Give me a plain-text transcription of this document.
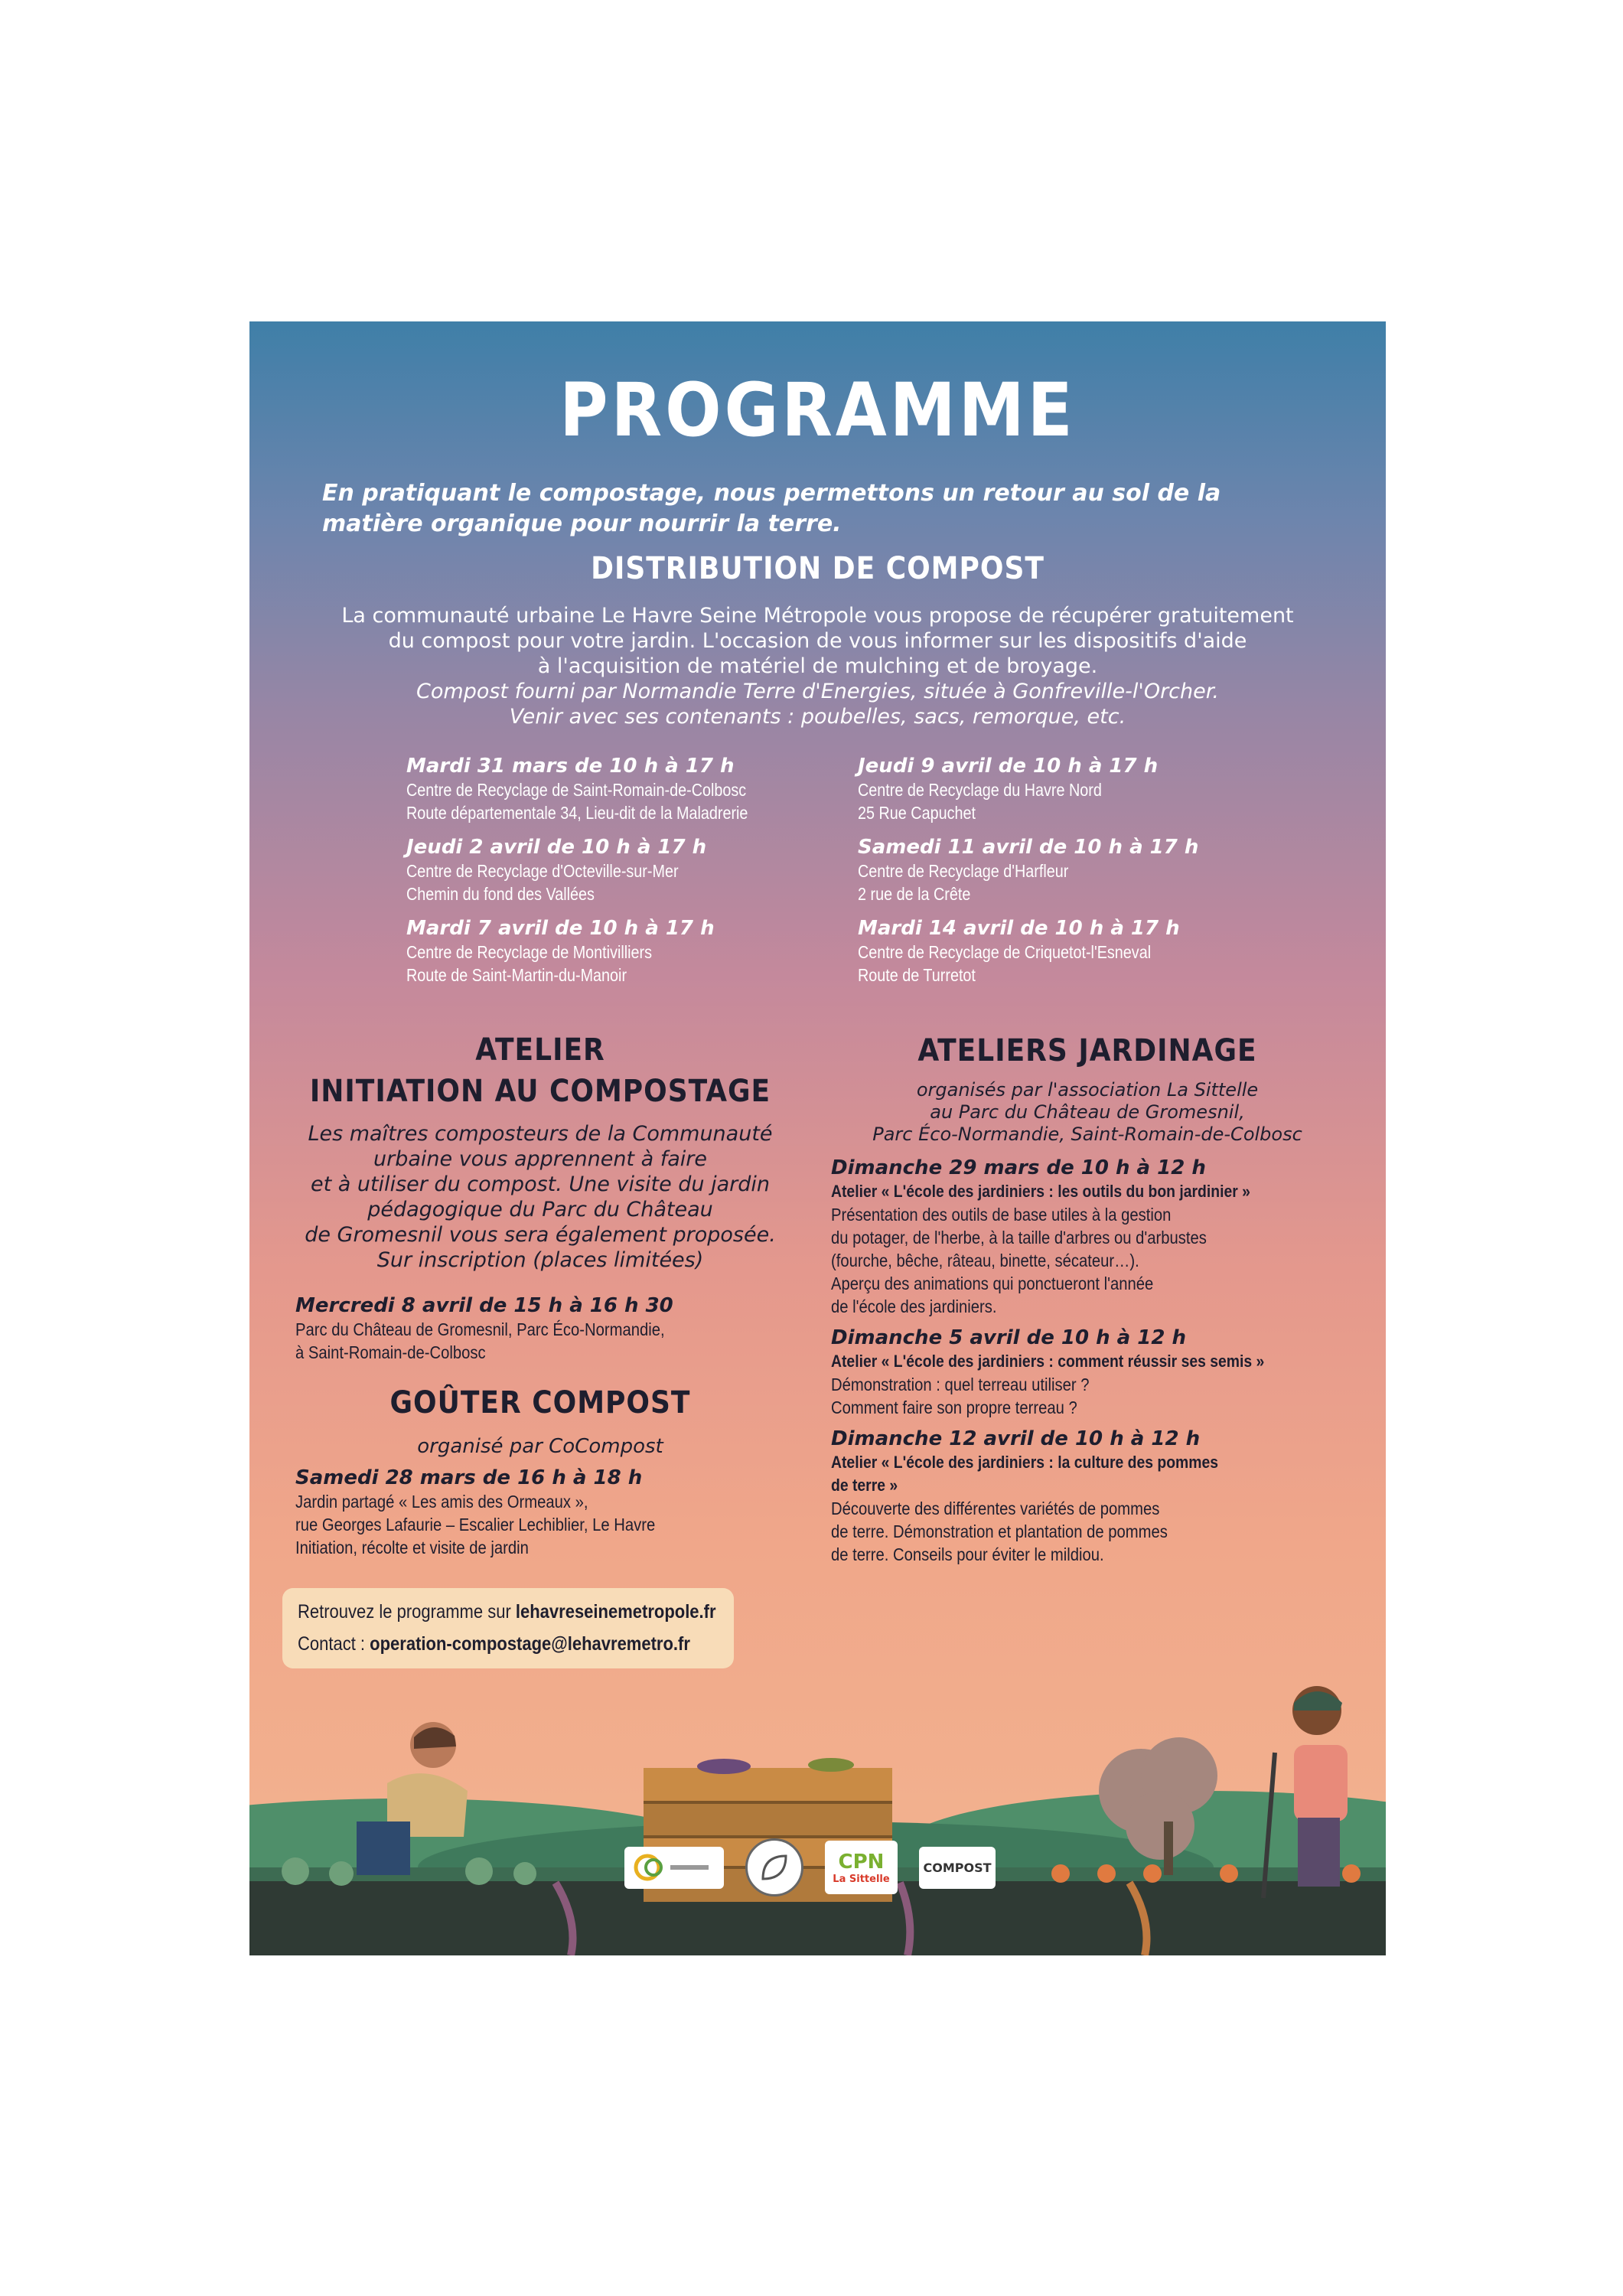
PROGRAMME
En pratiquant le compostage, nous permettons un retour au sol de la matière organique pour nourrir la terre.
DISTRIBUTION DE COMPOST
La communauté urbaine Le Havre Seine Métropole vous propose de récupérer gratuitement
du compost pour votre jardin. L'occasion de vous informer sur les dispositifs d'aide
à l'acquisition de matériel de mulching et de broyage.
Compost fourni par Normandie Terre d'Energies, située à Gonfreville-l'Orcher.
Venir avec ses contenants : poubelles, sacs, remorque, etc.
Mardi 31 mars de 10 h à 17 h
Centre de Recyclage de Saint-Romain-de-Colbosc
Route départementale 34, Lieu-dit de la Maladrerie
Jeudi 2 avril de 10 h à 17 h
Centre de Recyclage d'Octeville-sur-Mer
Chemin du fond des Vallées
Mardi 7 avril de 10 h à 17 h
Centre de Recyclage de Montivilliers
Route de Saint-Martin-du-Manoir
Jeudi 9 avril de 10 h à 17 h
Centre de Recyclage du Havre Nord
25 Rue Capuchet
Samedi 11 avril de 10 h à 17 h
Centre de Recyclage d'Harfleur
2 rue de la Crête
Mardi 14 avril de 10 h à 17 h
Centre de Recyclage de Criquetot-l'Esneval
Route de Turretot
ATELIER
INITIATION AU COMPOSTAGE
Les maîtres composteurs de la Communauté
urbaine vous apprennent à faire
et à utiliser du compost. Une visite du jardin
pédagogique du Parc du Château
de Gromesnil vous sera également proposée.
Sur inscription (places limitées)
Mercredi 8 avril de 15 h à 16 h 30
Parc du Château de Gromesnil, Parc Éco-Normandie,
à Saint-Romain-de-Colbosc
GOÛTER COMPOST
organisé par CoCompost
Samedi 28 mars de 16 h à 18 h
Jardin partagé « Les amis des Ormeaux »,
rue Georges Lafaurie – Escalier Lechiblier, Le Havre
Initiation, récolte et visite de jardin
ATELIERS JARDINAGE
organisés par l'association La Sittelle
au Parc du Château de Gromesnil,
Parc Éco-Normandie, Saint-Romain-de-Colbosc
Dimanche 29 mars de 10 h à 12 h
Atelier « L'école des jardiniers : les outils du bon jardinier »
Présentation des outils de base utiles à la gestion
du potager, de l'herbe, à la taille d'arbres ou d'arbustes
(fourche, bêche, râteau, binette, sécateur…).
Aperçu des animations qui ponctueront l'année
de l'école des jardiniers.
Dimanche 5 avril de 10 h à 12 h
Atelier « L'école des jardiniers : comment réussir ses semis »
Démonstration : quel terreau utiliser ?
Comment faire son propre terreau ?
Dimanche 12 avril de 10 h à 12 h
Atelier « L'école des jardiniers : la culture des pommes
de terre »
Découverte des différentes variétés de pommes
de terre. Démonstration et plantation de pommes
de terre. Conseils pour éviter le mildiou.
Retrouvez le programme sur lehavreseinemetropole.fr
Contact : operation-compostage@lehavremetro.fr
CPN
La Sittelle
COMPOST
